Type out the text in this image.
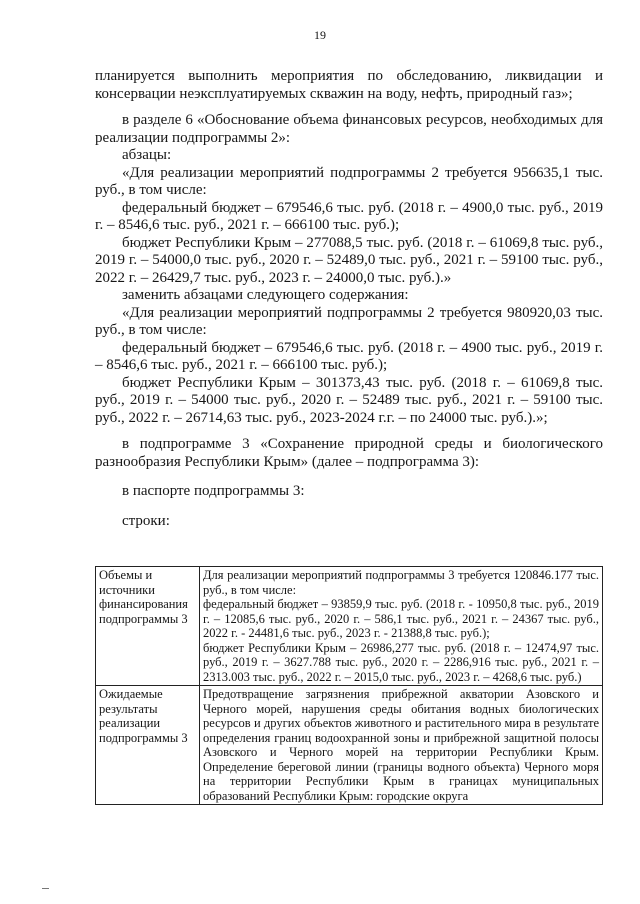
19

планируется выполнить мероприятия по обследованию, ликвидации и консервации неэксплуатируемых скважин на воду, нефть, природный газ»;

в разделе 6 «Обоснование объема финансовых ресурсов, необходимых для реализации подпрограммы 2»:

абзацы:

«Для реализации мероприятий подпрограммы 2 требуется 956635,1 тыс. руб., в том числе:

федеральный бюджет – 679546,6 тыс. руб. (2018 г. – 4900,0 тыс. руб., 2019 г. – 8546,6 тыс. руб., 2021 г. – 666100 тыс. руб.);

бюджет Республики Крым – 277088,5 тыс. руб. (2018 г. – 61069,8 тыс. руб., 2019 г. – 54000,0 тыс. руб., 2020 г. – 52489,0 тыс. руб., 2021 г. – 59100 тыс. руб., 2022 г. – 26429,7 тыс. руб., 2023 г. – 24000,0 тыс. руб.).»

заменить абзацами следующего содержания:

«Для реализации мероприятий подпрограммы 2 требуется 980920,03 тыс. руб., в том числе:

федеральный бюджет – 679546,6 тыс. руб. (2018 г. – 4900 тыс. руб., 2019 г. – 8546,6 тыс. руб., 2021 г. – 666100 тыс. руб.);

бюджет Республики Крым – 301373,43 тыс. руб. (2018 г. – 61069,8 тыс. руб., 2019 г. – 54000 тыс. руб., 2020 г. – 52489 тыс. руб., 2021 г. – 59100 тыс. руб., 2022 г. – 26714,63 тыс. руб., 2023-2024 г.г. – по 24000 тыс. руб.).»;

в подпрограмме 3 «Сохранение природной среды и биологического разнообразия Республики Крым» (далее – подпрограмма 3):

в паспорте подпрограммы 3:

строки:

Объемы и источники финансирования подпрограммы 3	Для реализации мероприятий подпрограммы 3 требуется 120846.177 тыс. руб., в том числе:
федеральный бюджет – 93859,9 тыс. руб. (2018 г. - 10950,8 тыс. руб., 2019 г. – 12085,6 тыс. руб., 2020 г. – 586,1 тыс. руб., 2021 г. – 24367 тыс. руб., 2022 г. - 24481,6 тыс. руб., 2023 г. - 21388,8 тыс. руб.);
бюджет Республики Крым – 26986,277 тыс. руб. (2018 г. – 12474,97 тыс. руб., 2019 г. – 3627.788 тыс. руб., 2020 г. – 2286,916 тыс. руб., 2021 г. – 2313.003 тыс. руб., 2022 г. – 2015,0 тыс. руб., 2023 г. – 4268,6 тыс. руб.)

Ожидаемые результаты реализации подпрограммы 3	Предотвращение загрязнения прибрежной акватории Азовского и Черного морей, нарушения среды обитания водных биологических ресурсов и других объектов животного и растительного мира в результате определения границ водоохранной зоны и прибрежной защитной полосы Азовского и Черного морей на территории Республики Крым. Определение береговой линии (границы водного объекта) Черного моря на территории Республики Крым в границах муниципальных образований Республики Крым: городские округа
